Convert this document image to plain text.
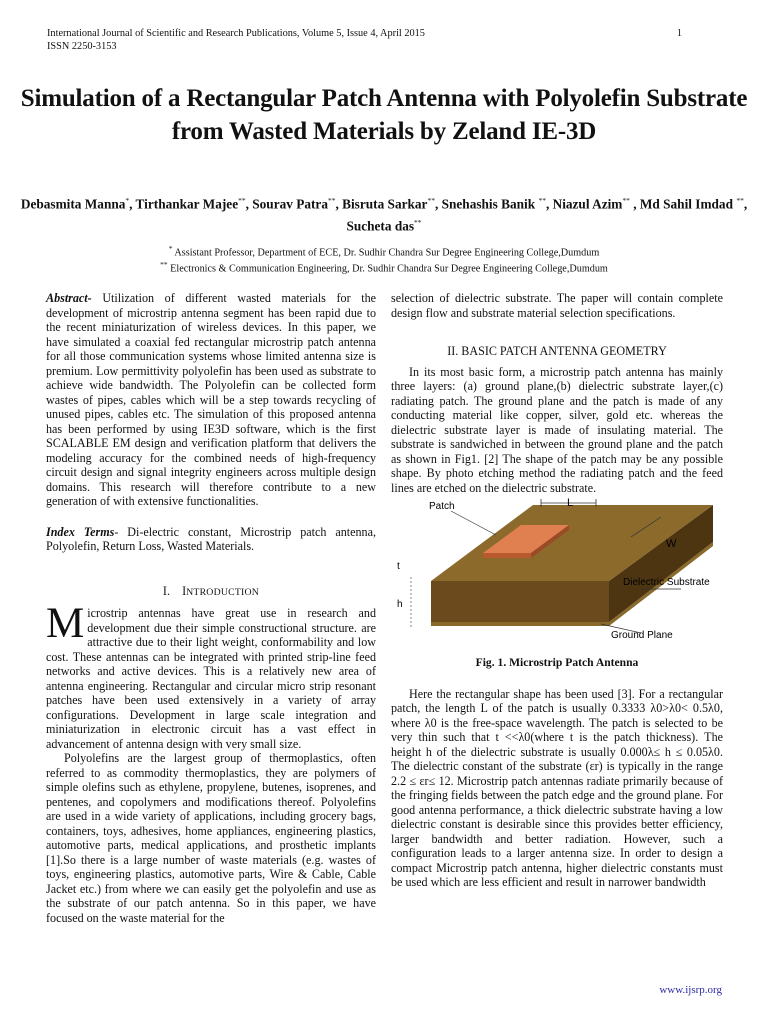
International Journal of Scientific and Research Publications, Volume 5, Issue 4, April 2015
ISSN 2250-3153
1
Simulation of a Rectangular Patch Antenna with Polyolefin Substrate from Wasted Materials by Zeland IE-3D
Debasmita Manna*, Tirthankar Majee**, Sourav Patra**, Bisruta Sarkar**, Snehashis Banik **, Niazul Azim** , Md Sahil Imdad **, Sucheta das**
* Assistant Professor, Department of ECE, Dr. Sudhir Chandra Sur Degree Engineering College,Dumdum
** Electronics & Communication Engineering, Dr. Sudhir Chandra Sur Degree Engineering College,Dumdum

Abstract- Utilization of different wasted materials for the development of microstrip antenna segment has been rapid due to the recent miniaturization of wireless devices. In this paper, we have simulated a coaxial fed rectangular microstrip patch antenna for all those communication systems whose limited antenna size is premium. Low permittivity polyolefin has been used as substrate to achieve wide bandwidth. The Polyolefin can be collected form wastes of pipes, cables which will be a step towards recycling of unused pipes, cables etc. The simulation of this proposed antenna has been performed by using IE3D software, which is the first SCALABLE EM design and verification platform that delivers the modeling accuracy for the combined needs of high-frequency circuit design and signal integrity engineers across multiple design domains. This research will therefore contribute to a new generation of with extensive functionalities.

Index Terms- Di-electric constant, Microstrip patch antenna, Polyolefin, Return Loss, Wasted Materials.

I. INTRODUCTION

Microstrip antennas have great use in research and development due their simple constructional structure. are attractive due to their light weight, conformability and low cost. These antennas can be integrated with printed strip-line feed networks and active devices. This is a relatively new area of antenna engineering. Rectangular and circular micro strip resonant patches have been used extensively in a variety of array configurations. Development in large scale integration and miniaturization in electronic circuit has a vast effect in advancement of antenna design with very small size.

Polyolefins are the largest group of thermoplastics, often referred to as commodity thermoplastics, they are polymers of simple olefins such as ethylene, propylene, butenes, isoprenes, and pentenes, and copolymers and modifications thereof. Polyolefins are used in a wide variety of applications, including grocery bags, containers, toys, adhesives, home appliances, engineering plastics, automotive parts, medical applications, and prosthetic implants [1].So there is a large number of waste materials (e.g. wastes of toys, engineering plastics, automotive parts, Wire & Cable, Cable Jacket etc.) from where we can easily get the polyolefin and use as the substrate of our patch antenna. So in this paper, we have focused on the waste material for the

selection of dielectric substrate. The paper will contain complete design flow and substrate material selection specifications.

II. BASIC PATCH ANTENNA GEOMETRY

In its most basic form, a microstrip patch antenna has mainly three layers: (a) ground plane,(b) dielectric substrate layer,(c) radiating patch. The ground plane and the patch is made of any conducting material like copper, silver, gold etc. whereas the dielectric substrate layer is made of insulating material. The substrate is sandwiched in between the ground plane and the patch as shown in Fig1. [2] The shape of the patch may be any possible shape. By photo etching method the radiating patch and the feed lines are etched on the dielectric substrate.

Patch	L
W
t
h
Dielectric Substrate
Ground Plane

Fig. 1. Microstrip Patch Antenna

Here the rectangular shape has been used [3]. For a rectangular patch, the length L of the patch is usually 0.3333 λ0>λ0< 0.5λ0, where λ0 is the free-space wavelength. The patch is selected to be very thin such that t <<λ0(where t is the patch thickness). The height h of the dielectric substrate is usually 0.000λ≤ h ≤ 0.05λ0. The dielectric constant of the substrate (εr) is typically in the range 2.2 ≤ εr≤ 12. Microstrip patch antennas radiate primarily because of the fringing fields between the patch edge and the ground plane. For good antenna performance, a thick dielectric substrate having a low dielectric constant is desirable since this provides better efficiency, larger bandwidth and better radiation. However, such a configuration leads to a larger antenna size. In order to design a compact Microstrip patch antenna, higher dielectric constants must be used which are less efficient and result in narrower bandwidth

www.ijsrp.org
